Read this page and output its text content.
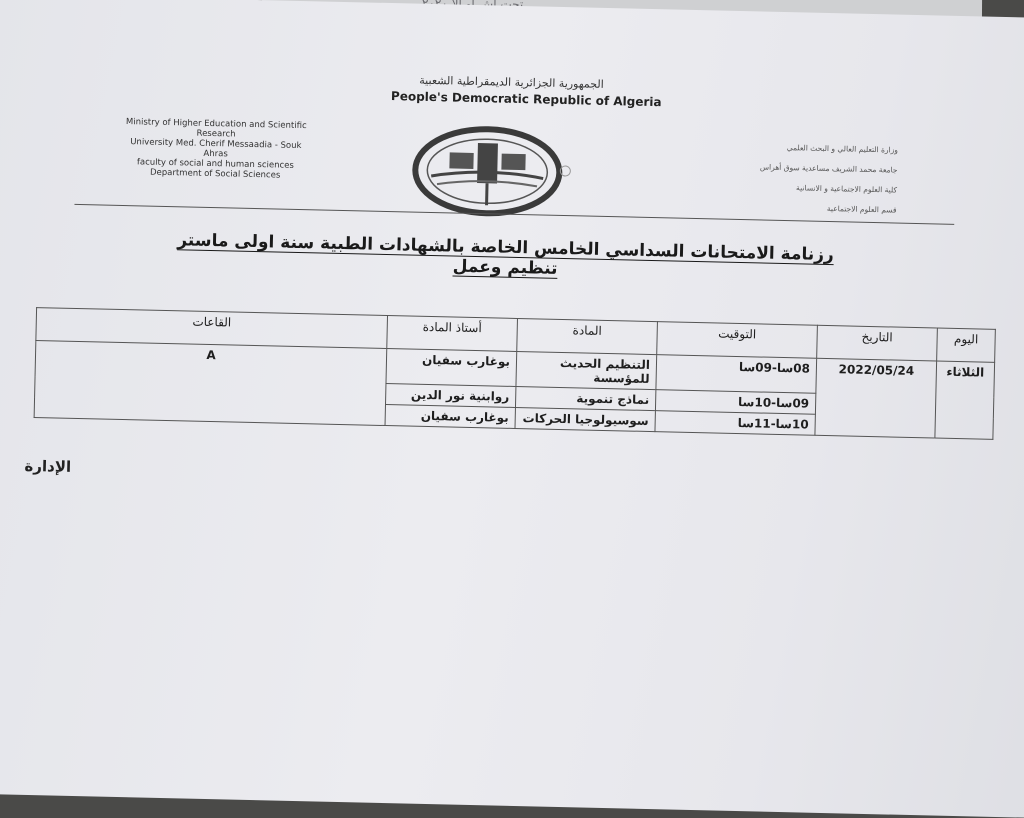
الجمهورية الجزائرية الديمقراطية الشعبية
People's Democratic Republic of Algeria
Ministry of Higher Education and Scientific
Research
University Med. Cherif Messaadia - Souk
Ahras
faculty of social and human sciences
Department of Social Sciences
وزارة التعليم العالي و البحث العلمي
جامعة محمد الشريف مساعدية سوق أهراس
كلية العلوم الاجتماعية و الانسانية
قسم العلوم الاجتماعية
رزنامة الامتحانات السداسي الخامس الخاصة بالشهادات الطبية سنة اولى ماستر تنظيم وعمل
اليوم	التاريخ	التوقيت	المادة	أستاذ المادة	القاعات
الثلاثاء	2022/05/24	08سا-09سا	التنظيم الحديث للمؤسسة	بوغارب سفيان	A
		09سا-10سا	نماذج تنموية	روابنية نور الدين	
		10سا-11سا	سوسيولوجيا الحركات	بوغارب سفيان	
الإدارة
